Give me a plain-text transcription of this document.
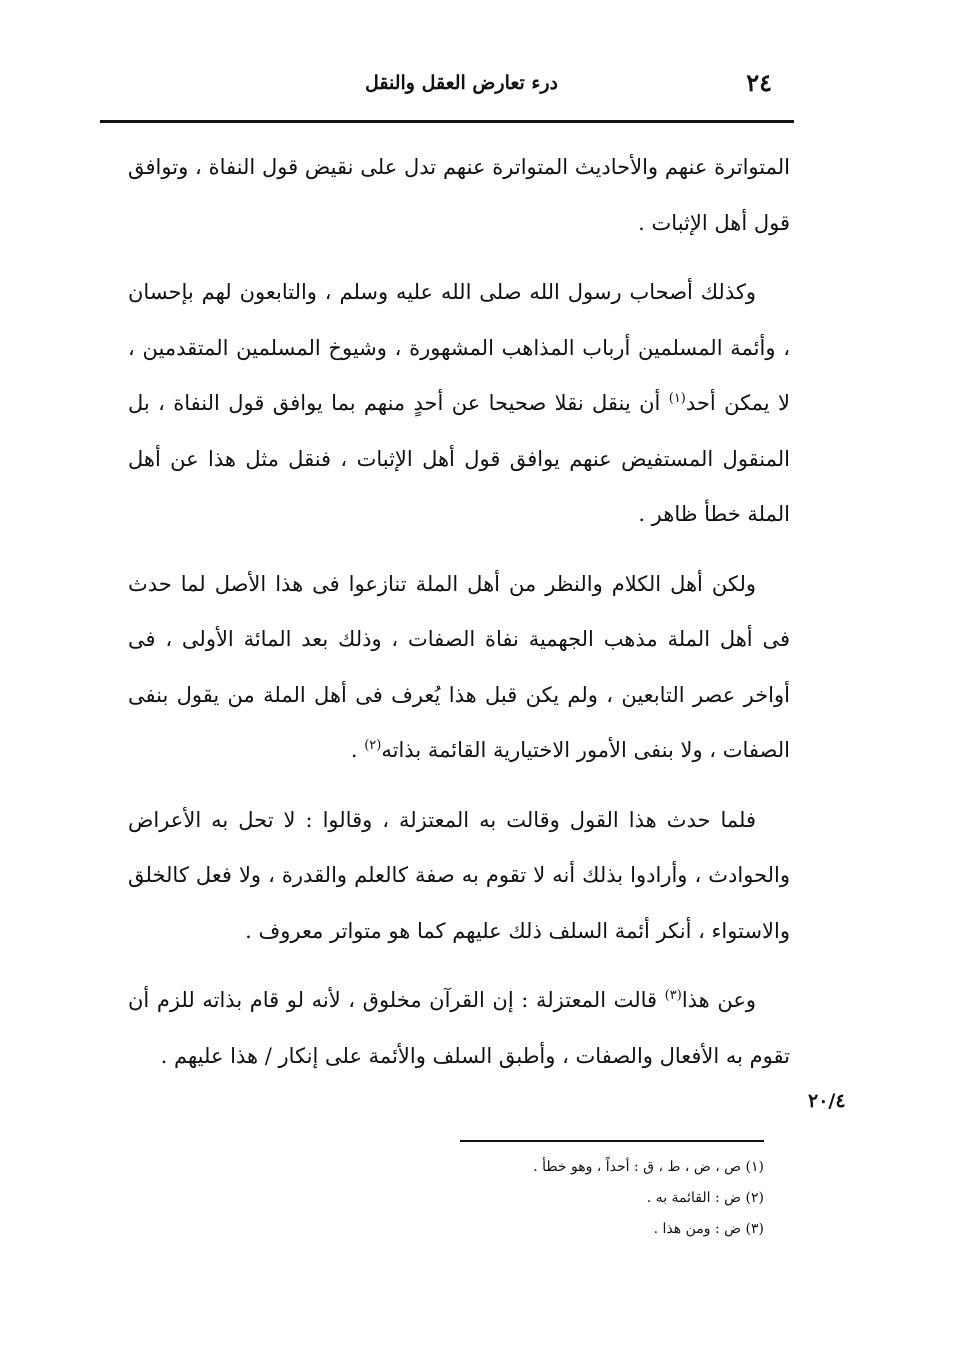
٢٤
درء تعارض العقل والنقل

المتواترة عنهم والأحاديث المتواترة عنهم تدل على نقيض قول النفاة ، وتوافق قول أهل الإثبات .

وكذلك أصحاب رسول الله صلى الله عليه وسلم ، والتابعون لهم بإحسان ، وأئمة المسلمين أرباب المذاهب المشهورة ، وشيوخ المسلمين المتقدمين ، لا يمكن أحد$^{(١)}$ أن ينقل نقلا صحيحا عن أحدٍ منهم بما يوافق قول النفاة ، بل المنقول المستفيض عنهم يوافق قول أهل الإثبات ، فنقل مثل هذا عن أهل الملة خطأ ظاهر .

ولكن أهل الكلام والنظر من أهل الملة تنازعوا فى هذا الأصل لما حدث فى أهل الملة مذهب الجهمية نفاة الصفات ، وذلك بعد المائة الأولى ، فى أواخر عصر التابعين ، ولم يكن قبل هذا يُعرف فى أهل الملة من يقول بنفى الصفات ، ولا بنفى الأمور الاختيارية القائمة بذاته$^{(٢)}$ .

فلما حدث هذا القول وقالت به المعتزلة ، وقالوا : لا تحل به الأعراض والحوادث ، وأرادوا بذلك أنه لا تقوم به صفة كالعلم والقدرة ، ولا فعل كالخلق والاستواء ، أنكر أئمة السلف ذلك عليهم كما هو متواتر معروف .

وعن هذا$^{(٣)}$ قالت المعتزلة : إن القرآن مخلوق ، لأنه لو قام بذاته للزم أن تقوم به الأفعال والصفات ، وأطبق السلف والأئمة على إنكار / هذا عليهم .

٢٠/٤

(١) ص ، ض ، ط ، ق : أحداً ، وهو خطأ .

(٢) ض : القائمة به .

(٣) ض : ومن هذا .
